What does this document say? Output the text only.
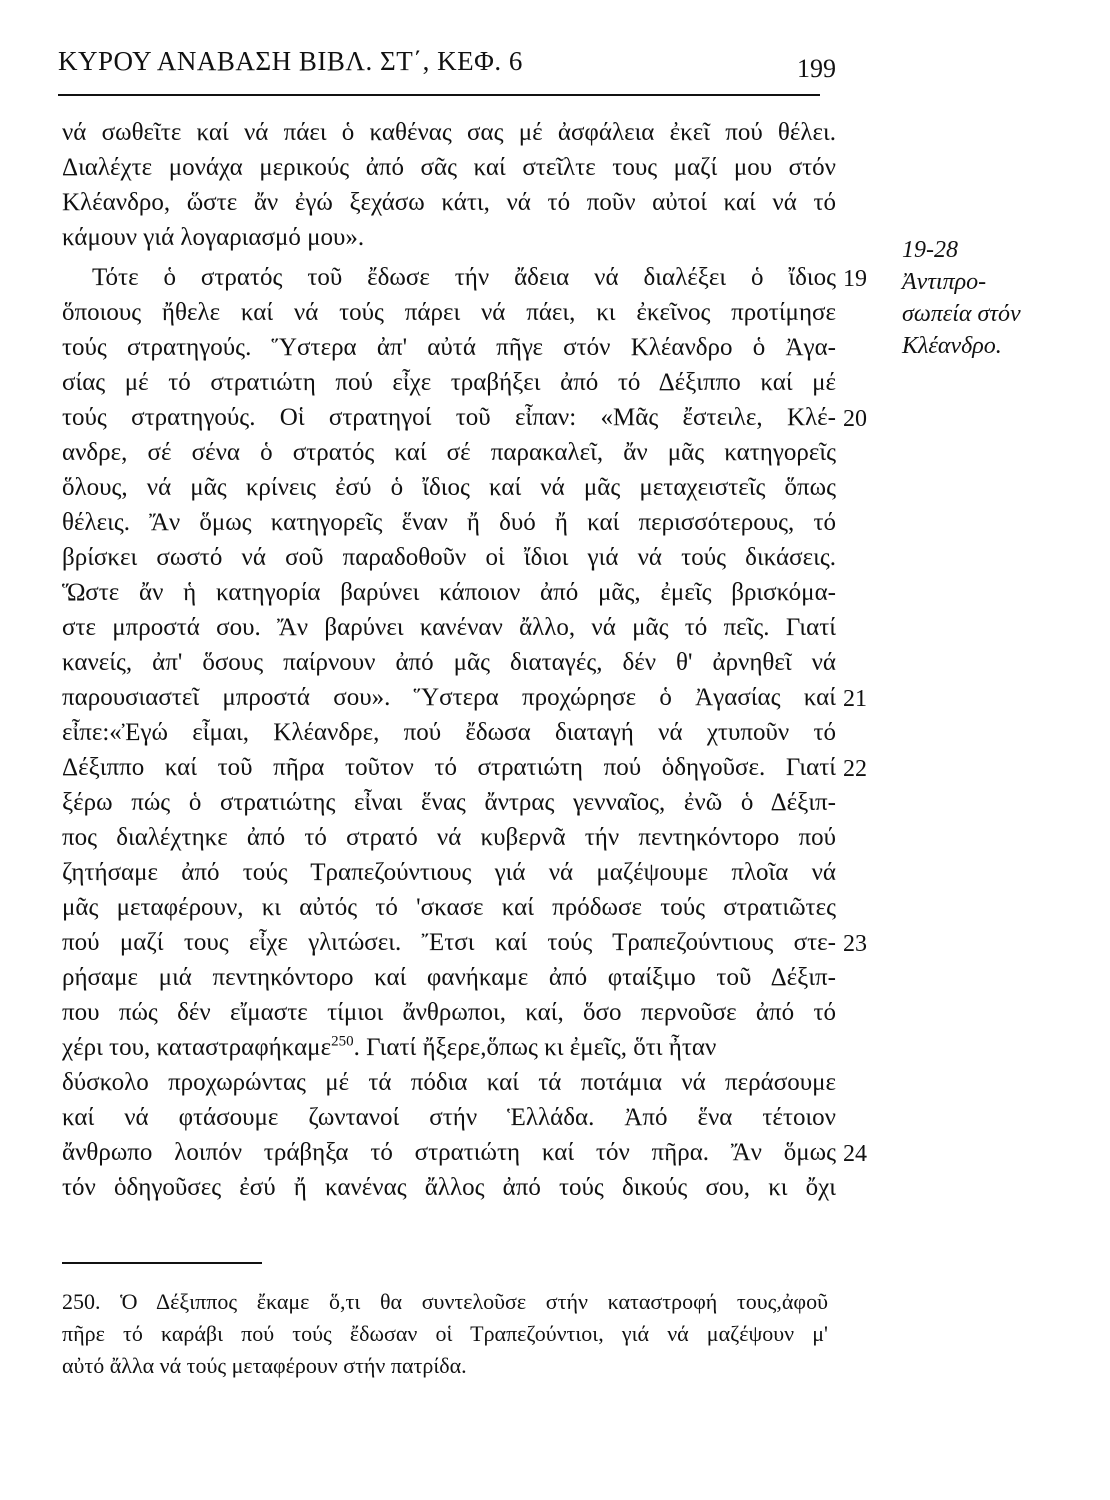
ΚΥΡΟΥ ΑΝΑΒΑΣΗ ΒΙΒΛ. ΣΤ΄, ΚΕΦ. 6	199
νά σωθεῖτε καί νά πάει ὁ καθένας σας μέ ἀσφάλεια ἐκεῖ πού θέλει.
Διαλέχτε μονάχα μερικούς ἀπό σᾶς καί στεῖλτε τους μαζί μου στόν
Κλέανδρο, ὥστε ἄν ἐγώ ξεχάσω κάτι, νά τό ποῦν αὐτοί καί νά τό
κάμουν γιά λογαριασμό μου».
Τότε ὁ στρατός τοῦ ἔδωσε τήν ἄδεια νά διαλέξει ὁ ἴδιος
ὅποιους ἤθελε καί νά τούς πάρει νά πάει, κι ἐκεῖνος προτίμησε
τούς στρατηγούς. Ὕστερα ἀπ' αὐτά πῆγε στόν Κλέανδρο ὁ Ἀγα-
σίας μέ τό στρατιώτη πού εἶχε τραβήξει ἀπό τό Δέξιππο καί μέ
τούς στρατηγούς. Οἱ στρατηγοί τοῦ εἶπαν: «Μᾶς ἔστειλε, Κλέ-
ανδρε, σέ σένα ὁ στρατός καί σέ παρακαλεῖ, ἄν μᾶς κατηγορεῖς
ὅλους, νά μᾶς κρίνεις ἐσύ ὁ ἴδιος καί νά μᾶς μεταχειστεῖς ὅπως
θέλεις. Ἄν ὅμως κατηγορεῖς ἕναν ἤ δυό ἤ καί περισσότερους, τό
βρίσκει σωστό νά σοῦ παραδοθοῦν οἱ ἴδιοι γιά νά τούς δικάσεις.
Ὥστε ἄν ἡ κατηγορία βαρύνει κάποιον ἀπό μᾶς, ἐμεῖς βρισκόμα-
στε μπροστά σου. Ἄν βαρύνει κανέναν ἄλλο, νά μᾶς τό πεῖς. Γιατί
κανείς, ἀπ' ὅσους παίρνουν ἀπό μᾶς διαταγές, δέν θ' ἀρνηθεῖ νά
παρουσιαστεῖ μπροστά σου». Ὕστερα προχώρησε ὁ Ἀγασίας καί
εἶπε:«Ἐγώ εἶμαι, Κλέανδρε, πού ἔδωσα διαταγή νά χτυποῦν τό
Δέξιππο καί τοῦ πῆρα τοῦτον τό στρατιώτη πού ὁδηγοῦσε. Γιατί
ξέρω πώς ὁ στρατιώτης εἶναι ἕνας ἄντρας γενναῖος, ἐνῶ ὁ Δέξιπ-
πος διαλέχτηκε ἀπό τό στρατό νά κυβερνᾶ τήν πεντηκόντορο πού
ζητήσαμε ἀπό τούς Τραπεζούντιους γιά νά μαζέψουμε πλοῖα νά
μᾶς μεταφέρουν, κι αὐτός τό 'σκασε καί πρόδωσε τούς στρατιῶτες
πού μαζί τους εἶχε γλιτώσει. Ἔτσι καί τούς Τραπεζούντιους στε-
ρήσαμε μιά πεντηκόντορο καί φανήκαμε ἀπό φταίξιμο τοῦ Δέξιπ-
που πώς δέν εἴμαστε τίμιοι ἄνθρωποι, καί, ὅσο περνοῦσε ἀπό τό
χέρι του, καταστραφήκαμε$^{250}$. Γιατί ἤξερε,ὅπως κι ἐμεῖς, ὅτι ἦταν
δύσκολο προχωρώντας μέ τά πόδια καί τά ποτάμια νά περάσουμε
καί νά φτάσουμε ζωντανοί στήν Ἑλλάδα. Ἀπό ἕνα τέτοιον
ἄνθρωπο λοιπόν τράβηξα τό στρατιώτη καί τόν πῆρα. Ἄν ὅμως
τόν ὁδηγοῦσες ἐσύ ἤ κανένας ἄλλος ἀπό τούς δικούς σου, κι ὄχι
19
20
21
22
23
24
19-28
Ἀντιπρο-
σωπεία στόν
Κλέανδρο.
250. Ὁ Δέξιππος ἔκαμε ὅ,τι θα συντελοῦσε στήν καταστροφή τους,ἀφοῦ
πῆρε τό καράβι πού τούς ἔδωσαν οἱ Τραπεζούντιοι, γιά νά μαζέψουν μ'
αὐτό ἄλλα νά τούς μεταφέρουν στήν πατρίδα.
